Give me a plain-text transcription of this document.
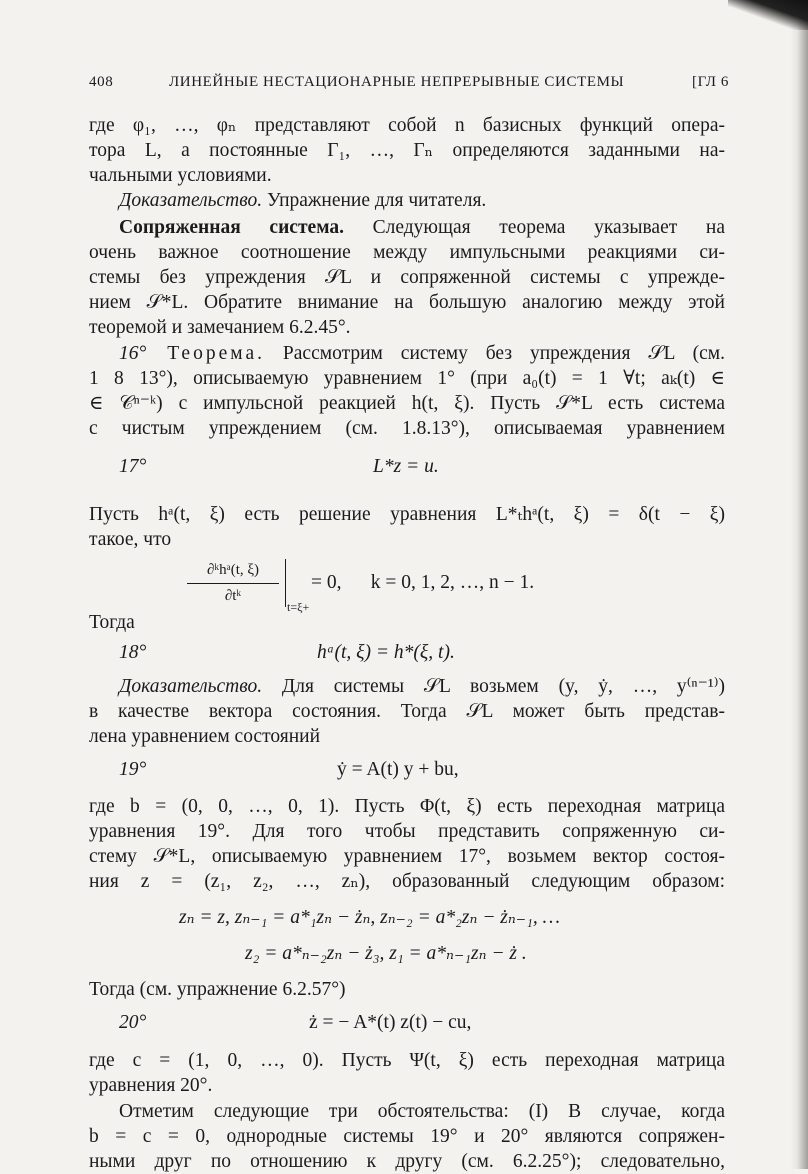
408	ЛИНЕЙНЫЕ НЕСТАЦИОНАРНЫЕ НЕПРЕРЫВНЫЕ СИСТЕМЫ	[ГЛ 6
где φ₁, …, φₙ представляют собой n базисных функций опера-
тора L, а постоянные Γ₁, …, Γₙ определяются заданными на-
чальными условиями.
Доказательство. Упражнение для читателя.
Сопряженная система. Следующая теорема указывает на
очень важное соотношение между импульсными реакциями си-
стемы без упреждения 𝒮L и сопряженной системы с упрежде-
нием 𝒮*L. Обратите внимание на большую аналогию между этой
теоремой и замечанием 6.2.45°.
16° Теорема. Рассмотрим систему без упреждения 𝒮L (см.
1 8 13°), описываемую уравнением 1° (при a₀(t) = 1 ∀t; aₖ(t) ∈
∈ 𝒞ⁿ⁻ᵏ) с импульсной реакцией h(t, ξ). Пусть 𝒮*L есть система
с чистым упреждением (см. 1.8.13°), описываемая уравнением
17°	L*z = u.
Пусть hᵃ(t, ξ) есть решение уравнения L*ₜhᵃ(t, ξ) = δ(t − ξ)
такое, что
∂ᵏhᵃ(t, ξ)
∂tᵏ
t=ξ+
= 0,      k = 0, 1, 2, …, n − 1.
Тогда
18°	hᵃ(t, ξ) = h*(ξ, t).
Доказательство. Для системы 𝒮L возьмем (y, ẏ, …, y⁽ⁿ⁻¹⁾)
в качестве вектора состояния. Тогда 𝒮L может быть представ-
лена уравнением состояний
19°	ẏ = A(t) y + bu,
где b = (0, 0, …, 0, 1). Пусть Φ(t, ξ) есть переходная матрица
уравнения 19°. Для того чтобы представить сопряженную си-
стему 𝒮*L, описываемую уравнением 17°, возьмем вектор состоя-
ния z = (z₁, z₂, …, zₙ), образованный следующим образом:
zₙ = z, zₙ₋₁ = a*₁zₙ − żₙ, zₙ₋₂ = a*₂zₙ − żₙ₋₁, …
z₂ = a*ₙ₋₂zₙ − ż₃, z₁ = a*ₙ₋₁zₙ − ż .
Тогда (см. упражнение 6.2.57°)
20°	ż = − A*(t) z(t) − cu,
где c = (1, 0, …, 0). Пусть Ψ(t, ξ) есть переходная матрица
уравнения 20°.
Отметим следующие три обстоятельства: (I) В случае, когда
b = c = 0, однородные системы 19° и 20° являются сопряжен-
ными друг по отношению к другу (см. 6.2.25°); следовательно,
